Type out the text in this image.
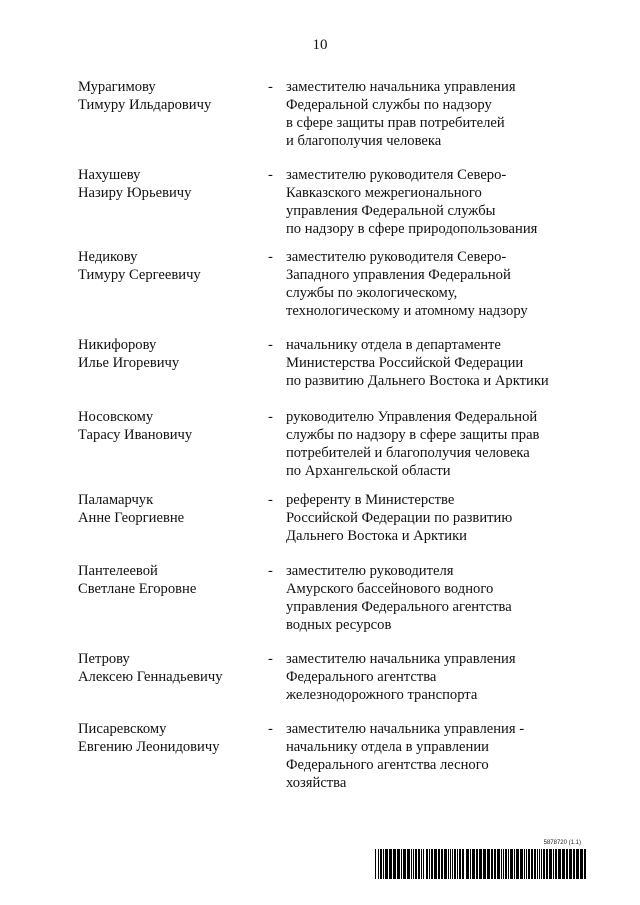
10
Мурагимову
Тимуру Ильдаровичу
- заместителю начальника управления
Федеральной службы по надзору
в сфере защиты прав потребителей
и благополучия человека
Нахушеву
Назиру Юрьевичу
- заместителю руководителя Северо-
Кавказского межрегионального
управления Федеральной службы
по надзору в сфере природопользования
Недикову
Тимуру Сергеевичу
- заместителю руководителя Северо-
Западного управления Федеральной
службы по экологическому,
технологическому и атомному надзору
Никифорову
Илье Игоревичу
- начальнику отдела в департаменте
Министерства Российской Федерации
по развитию Дальнего Востока и Арктики
Носовскому
Тарасу Ивановичу
- руководителю Управления Федеральной
службы по надзору в сфере защиты прав
потребителей и благополучия человека
по Архангельской области
Паламарчук
Анне Георгиевне
- референту в Министерстве
Российской Федерации по развитию
Дальнего Востока и Арктики
Пантелеевой
Светлане Егоровне
- заместителю руководителя
Амурского бассейнового водного
управления Федерального агентства
водных ресурсов
Петрову
Алексею Геннадьевичу
- заместителю начальника управления
Федерального агентства
железнодорожного транспорта
Писаревскому
Евгению Леонидовичу
- заместителю начальника управления -
начальнику отдела в управлении
Федерального агентства лесного
хозяйства
5878720 (1.1)
